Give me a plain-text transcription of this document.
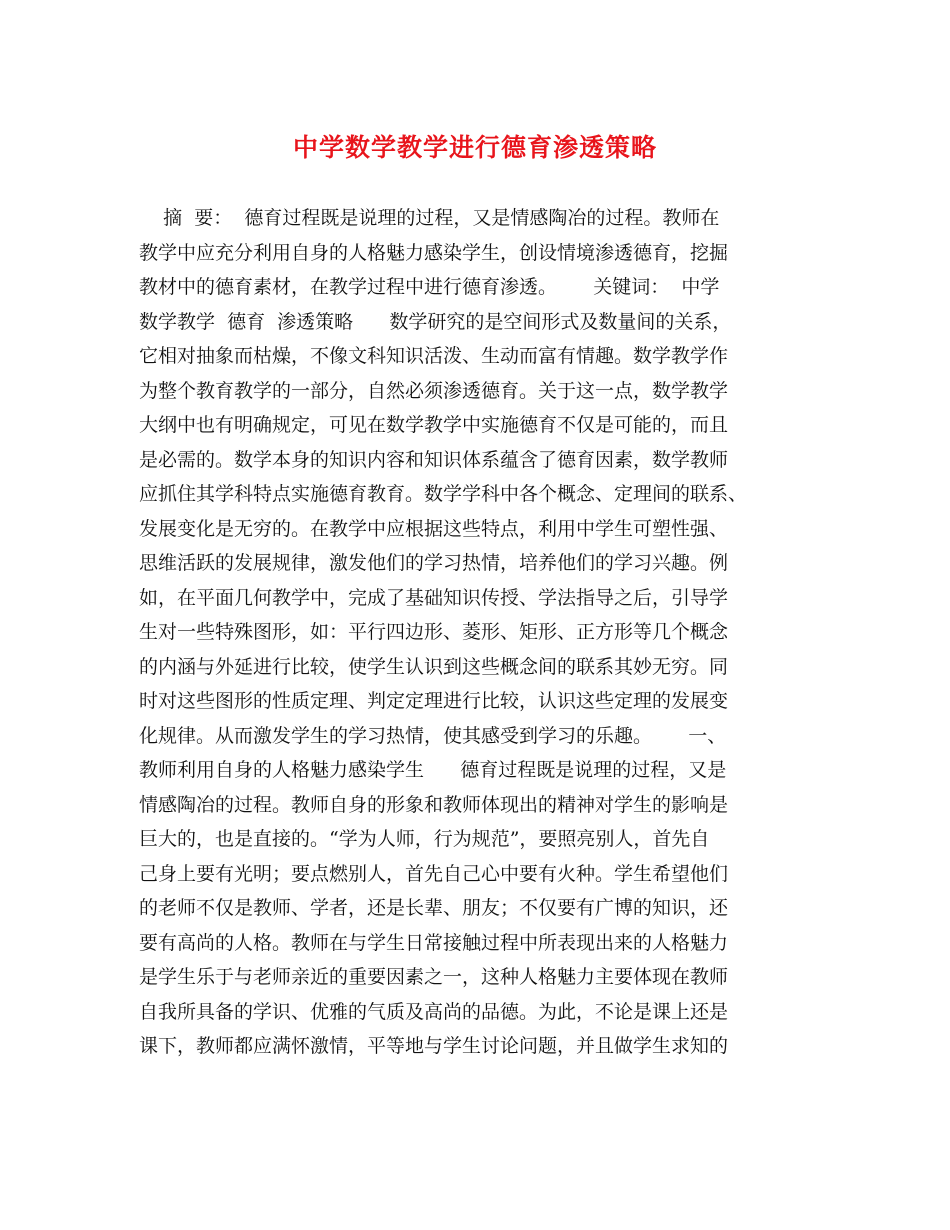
中学数学教学进行德育渗透策略
摘  要：  德育过程既是说理的过程，又是情感陶冶的过程。教师在
教学中应充分利用自身的人格魅力感染学生，创设情境渗透德育，挖掘
教材中的德育素材，在教学过程中进行德育渗透。      关键词：  中学
数学教学  德育  渗透策略      数学研究的是空间形式及数量间的关系，
它相对抽象而枯燥，不像文科知识活泼、生动而富有情趣。数学教学作
为整个教育教学的一部分，自然必须渗透德育。关于这一点，数学教学
大纲中也有明确规定，可见在数学教学中实施德育不仅是可能的，而且
是必需的。数学本身的知识内容和知识体系蕴含了德育因素，数学教师
应抓住其学科特点实施德育教育。数学学科中各个概念、定理间的联系、
发展变化是无穷的。在教学中应根据这些特点，利用中学生可塑性强、
思维活跃的发展规律，激发他们的学习热情，培养他们的学习兴趣。例
如，在平面几何教学中，完成了基础知识传授、学法指导之后，引导学
生对一些特殊图形，如：平行四边形、菱形、矩形、正方形等几个概念
的内涵与外延进行比较，使学生认识到这些概念间的联系其妙无穷。同
时对这些图形的性质定理、判定定理进行比较，认识这些定理的发展变
化规律。从而激发学生的学习热情，使其感受到学习的乐趣。      一、
教师利用自身的人格魅力感染学生      德育过程既是说理的过程，又是
情感陶冶的过程。教师自身的形象和教师体现出的精神对学生的影响是
巨大的，也是直接的。“学为人师，行为规范”，要照亮别人，首先自
己身上要有光明；要点燃别人，首先自己心中要有火种。学生希望他们
的老师不仅是教师、学者，还是长辈、朋友；不仅要有广博的知识，还
要有高尚的人格。教师在与学生日常接触过程中所表现出来的人格魅力
是学生乐于与老师亲近的重要因素之一，这种人格魅力主要体现在教师
自我所具备的学识、优雅的气质及高尚的品德。为此，不论是课上还是
课下，教师都应满怀激情，平等地与学生讨论问题，并且做学生求知的
